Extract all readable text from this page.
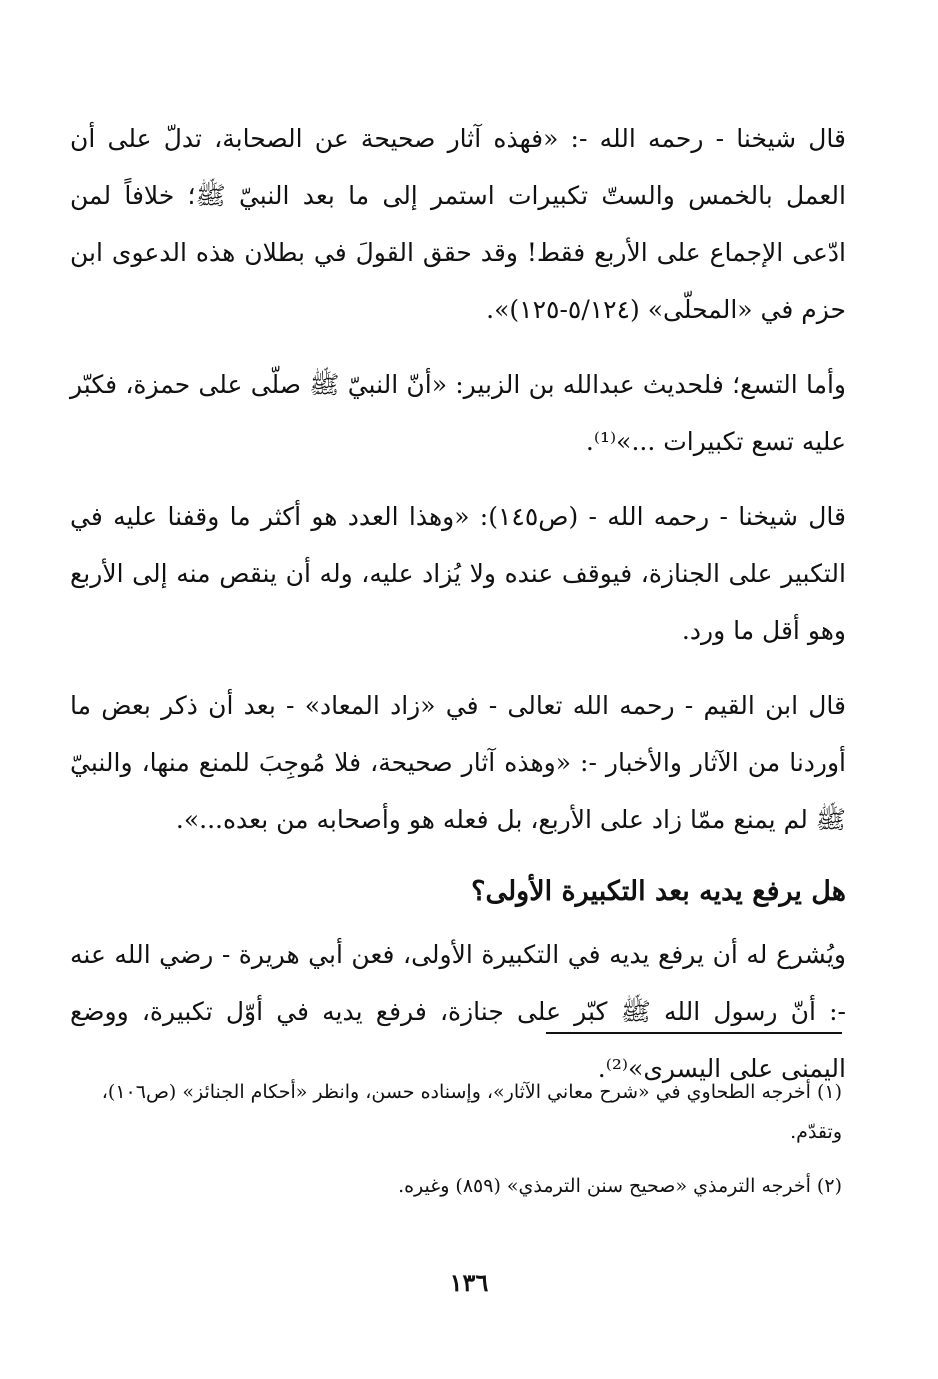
قال شيخنا - رحمه الله -: «فهذه آثار صحيحة عن الصحابة، تدلّ على أن العمل بالخمس والستّ تكبيرات استمر إلى ما بعد النبيّ ﷺ؛ خلافاً لمن ادّعى الإجماع على الأربع فقط! وقد حقق القولَ في بطلان هذه الدعوى ابن حزم في «المحلّى» (٥/١٢٤-١٢٥)».

وأما التسع؛ فلحديث عبدالله بن الزبير: «أنّ النبيّ ﷺ صلّى على حمزة، فكبّر عليه تسع تكبيرات ...»⁽¹⁾.

قال شيخنا - رحمه الله - (ص١٤٥): «وهذا العدد هو أكثر ما وقفنا عليه في التكبير على الجنازة، فيوقف عنده ولا يُزاد عليه، وله أن ينقص منه إلى الأربع وهو أقل ما ورد.

قال ابن القيم - رحمه الله تعالى - في «زاد المعاد» - بعد أن ذكر بعض ما أوردنا من الآثار والأخبار -: «وهذه آثار صحيحة، فلا مُوجِبَ للمنع منها، والنبيّ ﷺ لم يمنع ممّا زاد على الأربع، بل فعله هو وأصحابه من بعده...».

هل يرفع يديه بعد التكبيرة الأولى؟

ويُشرع له أن يرفع يديه في التكبيرة الأولى، فعن أبي هريرة - رضي الله عنه -: أنّ رسول الله ﷺ كبّر على جنازة، فرفع يديه في أوّل تكبيرة، ووضع اليمنى على اليسرى»⁽²⁾.

(١) أخرجه الطحاوي في «شرح معاني الآثار»، وإسناده حسن، وانظر «أحكام الجنائز» (ص١٠٦)، وتقدّم.

(٢) أخرجه الترمذي «صحيح سنن الترمذي» (٨٥٩) وغيره.

١٣٦
